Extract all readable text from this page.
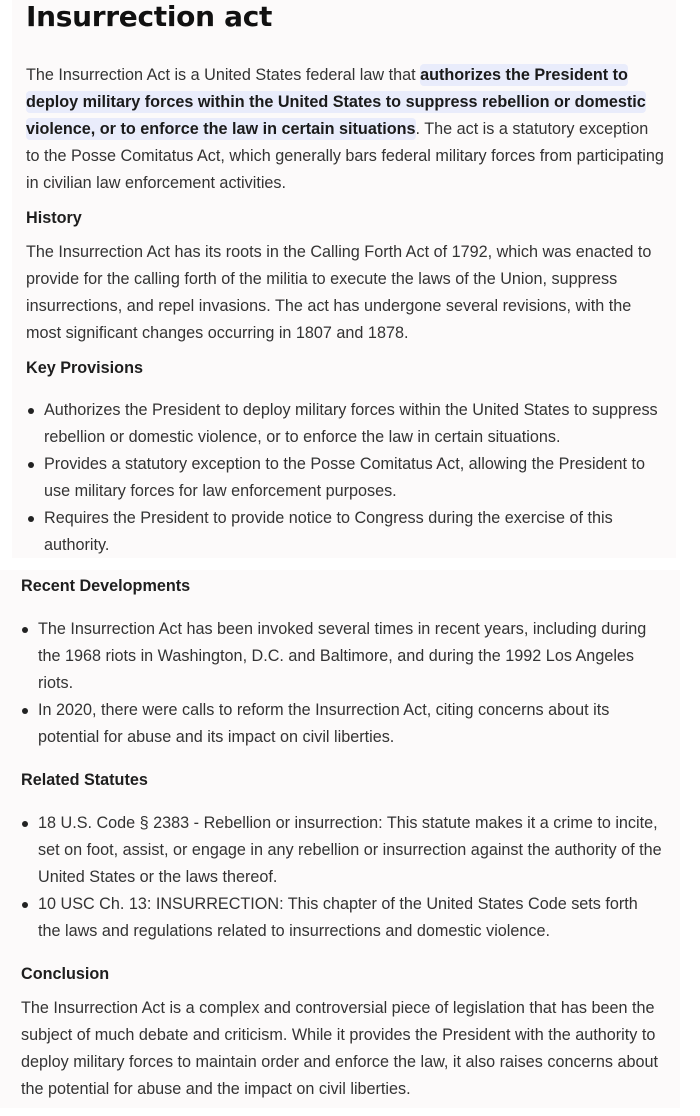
Insurrection act

The Insurrection Act is a United States federal law that authorizes the President to deploy military forces within the United States to suppress rebellion or domestic violence, or to enforce the law in certain situations. The act is a statutory exception to the Posse Comitatus Act, which generally bars federal military forces from participating in civilian law enforcement activities.

History

The Insurrection Act has its roots in the Calling Forth Act of 1792, which was enacted to provide for the calling forth of the militia to execute the laws of the Union, suppress insurrections, and repel invasions. The act has undergone several revisions, with the most significant changes occurring in 1807 and 1878.

Key Provisions
Authorizes the President to deploy military forces within the United States to suppress rebellion or domestic violence, or to enforce the law in certain situations.
Provides a statutory exception to the Posse Comitatus Act, allowing the President to use military forces for law enforcement purposes.
Requires the President to provide notice to Congress during the exercise of this authority.
Recent Developments
The Insurrection Act has been invoked several times in recent years, including during the 1968 riots in Washington, D.C. and Baltimore, and during the 1992 Los Angeles riots.
In 2020, there were calls to reform the Insurrection Act, citing concerns about its potential for abuse and its impact on civil liberties.
Related Statutes
18 U.S. Code § 2383 - Rebellion or insurrection: This statute makes it a crime to incite, set on foot, assist, or engage in any rebellion or insurrection against the authority of the United States or the laws thereof.
10 USC Ch. 13: INSURRECTION: This chapter of the United States Code sets forth the laws and regulations related to insurrections and domestic violence.
Conclusion

The Insurrection Act is a complex and controversial piece of legislation that has been the subject of much debate and criticism. While it provides the President with the authority to deploy military forces to maintain order and enforce the law, it also raises concerns about the potential for abuse and the impact on civil liberties.
